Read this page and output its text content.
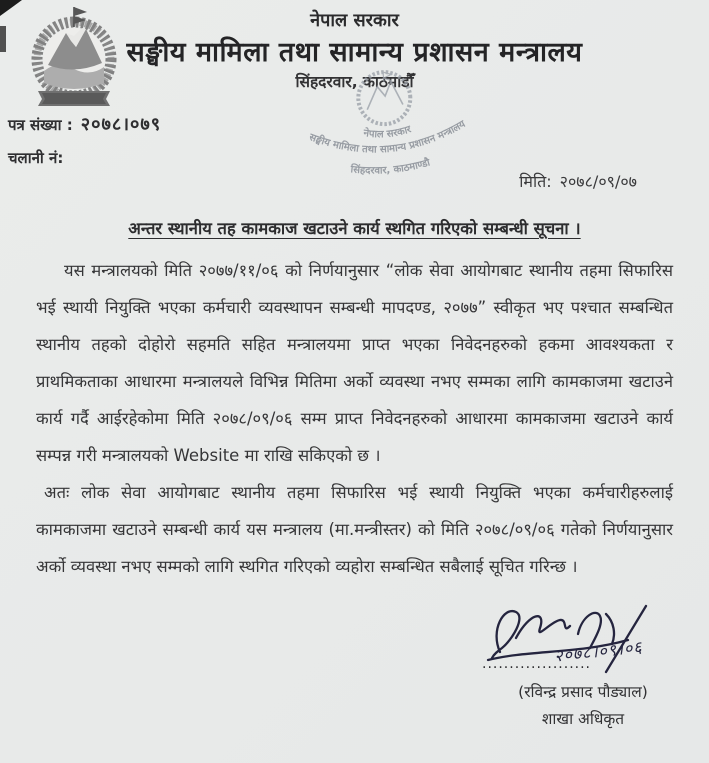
नेपाल सरकार
सङ्घीय मामिला तथा सामान्य प्रशासन मन्त्रालय
सिंहदरवार, काठमाडौँ
पत्र संख्या : २०७८।०७९
चलानी नं:
नेपाल सरकार
सङ्घीय मामिला तथा सामान्य प्रशासन मन्त्रालय
सिंहदरवार, काठमाण्डौ
मिति: २०७८/०९/०७
अन्तर स्थानीय तह कामकाज खटाउने कार्य स्थगित गरिएको सम्बन्धी सूचना ।

यस मन्त्रालयको मिति २०७७/११/०६ को निर्णयानुसार “लोक सेवा आयोगबाट स्थानीय तहमा सिफारिस भई स्थायी नियुक्ति भएका कर्मचारी व्यवस्थापन सम्बन्धी मापदण्ड, २०७७” स्वीकृत भए पश्चात सम्बन्धित स्थानीय तहको दोहोरो सहमति सहित मन्त्रालयमा प्राप्त भएका निवेदनहरुको हकमा आवश्यकता र प्राथमिकताका आधारमा मन्त्रालयले विभिन्न मितिमा अर्को व्यवस्था नभए सम्मका लागि कामकाजमा खटाउने कार्य गर्दै आईरहेकोमा मिति २०७८/०९/०६ सम्म प्राप्त निवेदनहरुको आधारमा कामकाजमा खटाउने कार्य सम्पन्न गरी मन्त्रालयको Website मा राखि सकिएको छ ।

अतः लोक सेवा आयोगबाट स्थानीय तहमा सिफारिस भई स्थायी नियुक्ति भएका कर्मचारीहरुलाई कामकाजमा खटाउने सम्बन्धी कार्य यस मन्त्रालय (मा.मन्त्रीस्तर) को मिति २०७८/०९/०६ गतेको निर्णयानुसार अर्को व्यवस्था नभए सम्मको लागि स्थगित गरिएको व्यहोरा सम्बन्धित सबैलाई सूचित गरिन्छ ।

२०७८।०९।०६
....................
(रविन्द्र प्रसाद पौड्याल)
शाखा अधिकृत
